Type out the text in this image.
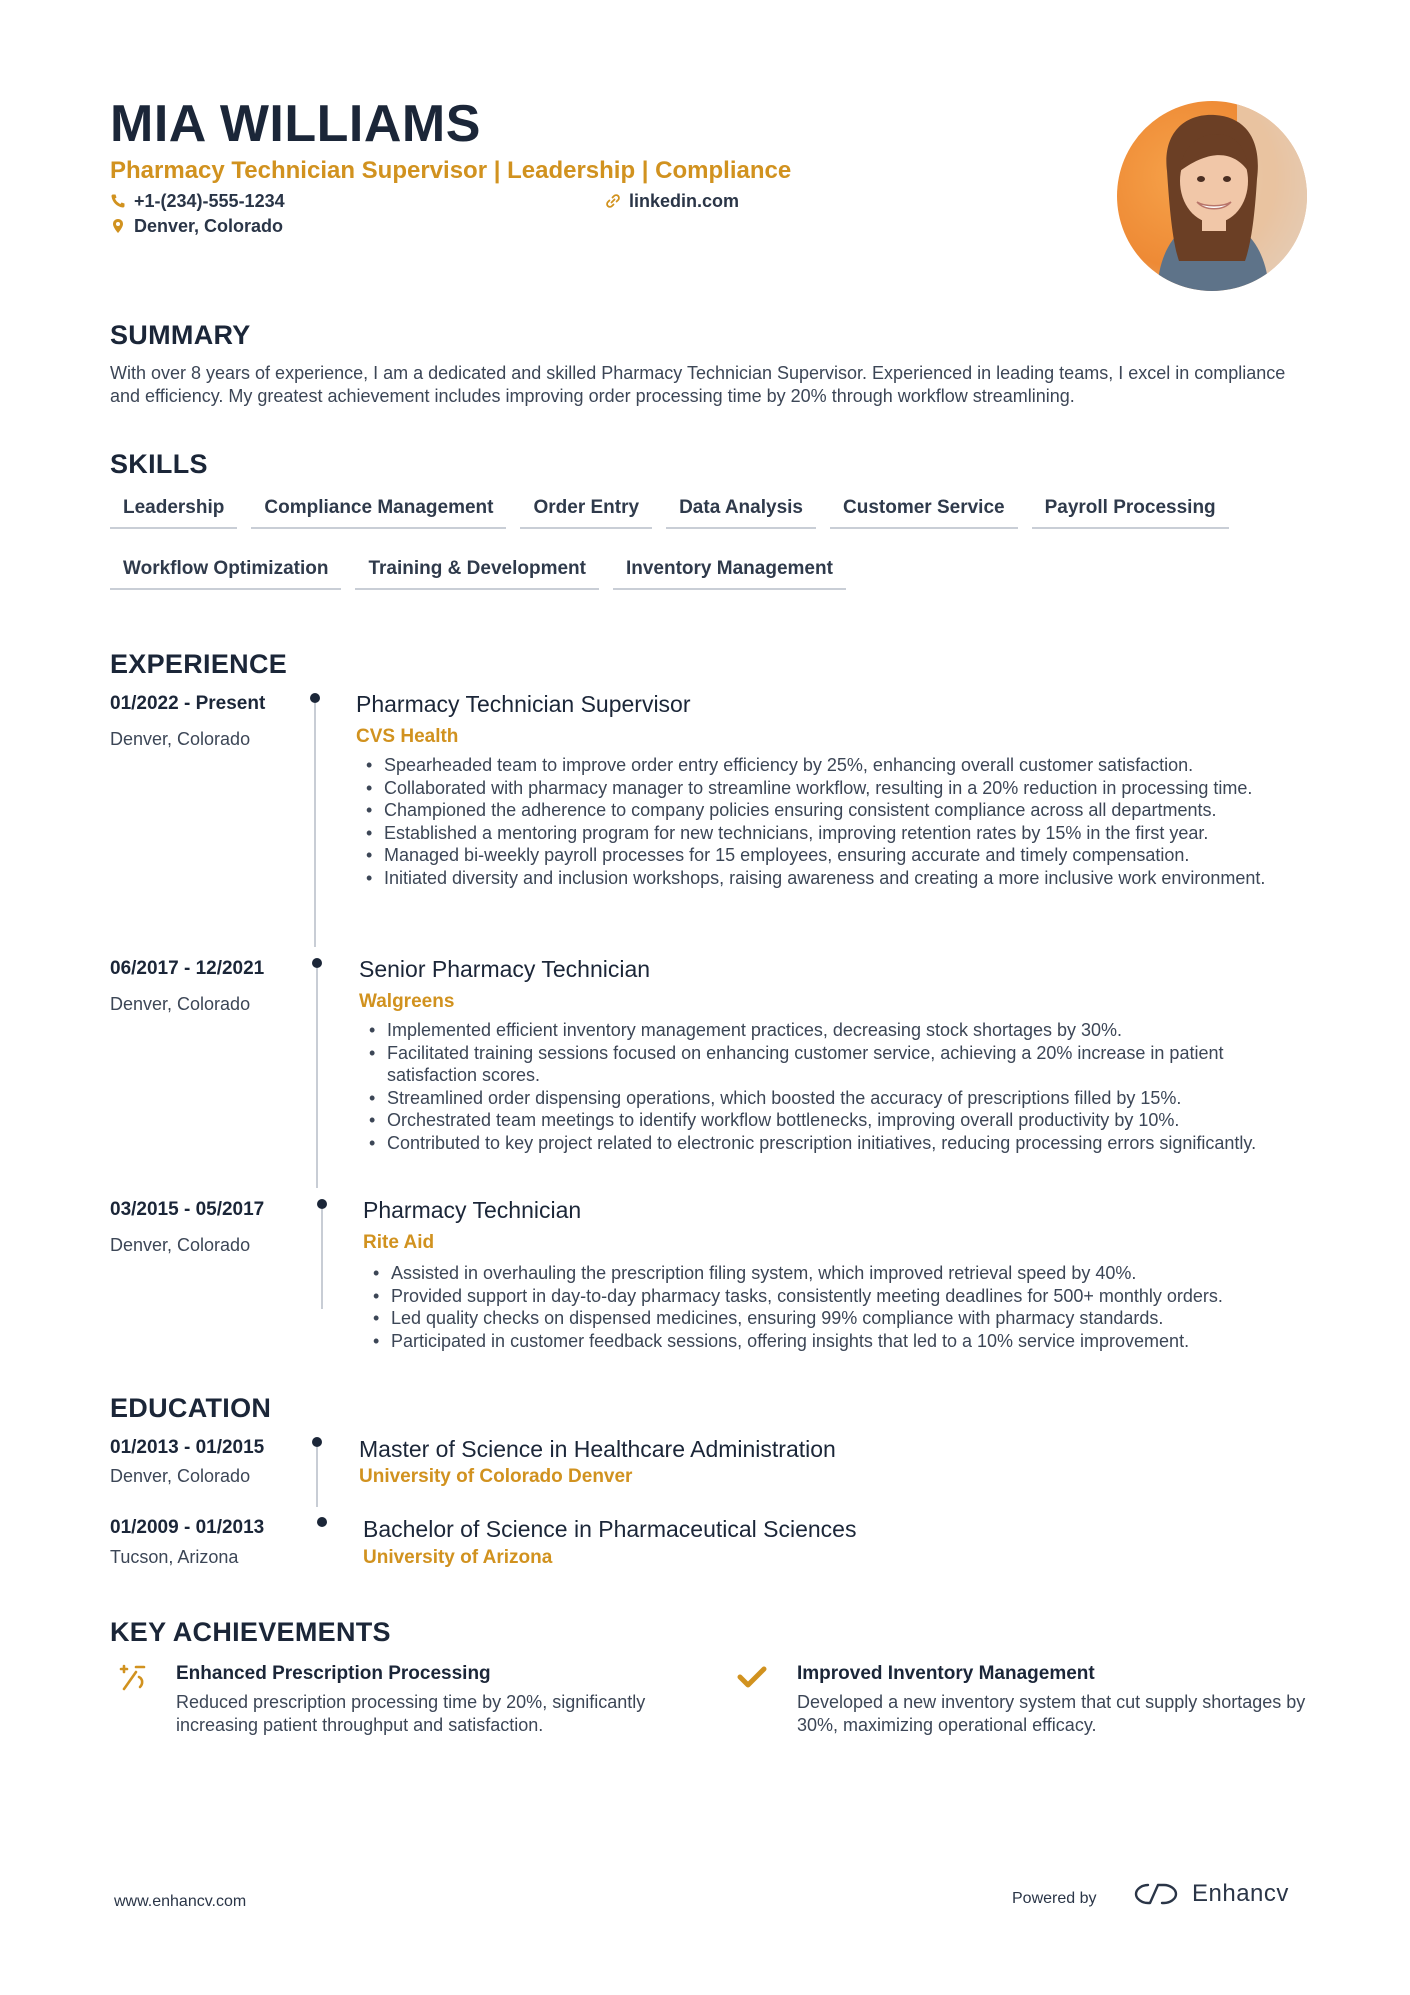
MIA WILLIAMS
Pharmacy Technician Supervisor | Leadership | Compliance
+1-(234)-555-1234	linkedin.com
Denver, Colorado
SUMMARY

With over 8 years of experience, I am a dedicated and skilled Pharmacy Technician Supervisor. Experienced in leading teams, I excel in compliance and efficiency. My greatest achievement includes improving order processing time by 20% through workflow streamlining.

SKILLS
Leadership	Compliance Management	Order Entry	Data Analysis	Customer Service	Payroll Processing
Workflow Optimization	Training & Development	Inventory Management
EXPERIENCE
01/2022 - Present
Denver, Colorado
Pharmacy Technician Supervisor
CVS Health
• Spearheaded team to improve order entry efficiency by 25%, enhancing overall customer satisfaction.
• Collaborated with pharmacy manager to streamline workflow, resulting in a 20% reduction in processing time.
• Championed the adherence to company policies ensuring consistent compliance across all departments.
• Established a mentoring program for new technicians, improving retention rates by 15% in the first year.
• Managed bi-weekly payroll processes for 15 employees, ensuring accurate and timely compensation.
• Initiated diversity and inclusion workshops, raising awareness and creating a more inclusive work environment.
06/2017 - 12/2021
Denver, Colorado
Senior Pharmacy Technician
Walgreens
• Implemented efficient inventory management practices, decreasing stock shortages by 30%.
• Facilitated training sessions focused on enhancing customer service, achieving a 20% increase in patient satisfaction scores.
• Streamlined order dispensing operations, which boosted the accuracy of prescriptions filled by 15%.
• Orchestrated team meetings to identify workflow bottlenecks, improving overall productivity by 10%.
• Contributed to key project related to electronic prescription initiatives, reducing processing errors significantly.
03/2015 - 05/2017
Denver, Colorado
Pharmacy Technician
Rite Aid
• Assisted in overhauling the prescription filing system, which improved retrieval speed by 40%.
• Provided support in day-to-day pharmacy tasks, consistently meeting deadlines for 500+ monthly orders.
• Led quality checks on dispensed medicines, ensuring 99% compliance with pharmacy standards.
• Participated in customer feedback sessions, offering insights that led to a 10% service improvement.
EDUCATION
01/2013 - 01/2015
Denver, Colorado
Master of Science in Healthcare Administration
University of Colorado Denver
01/2009 - 01/2013
Tucson, Arizona
Bachelor of Science in Pharmaceutical Sciences
University of Arizona
KEY ACHIEVEMENTS
Enhanced Prescription Processing
Reduced prescription processing time by 20%, significantly increasing patient throughput and satisfaction.
Improved Inventory Management
Developed a new inventory system that cut supply shortages by 30%, maximizing operational efficacy.
www.enhancv.com	Powered by	Enhancv
